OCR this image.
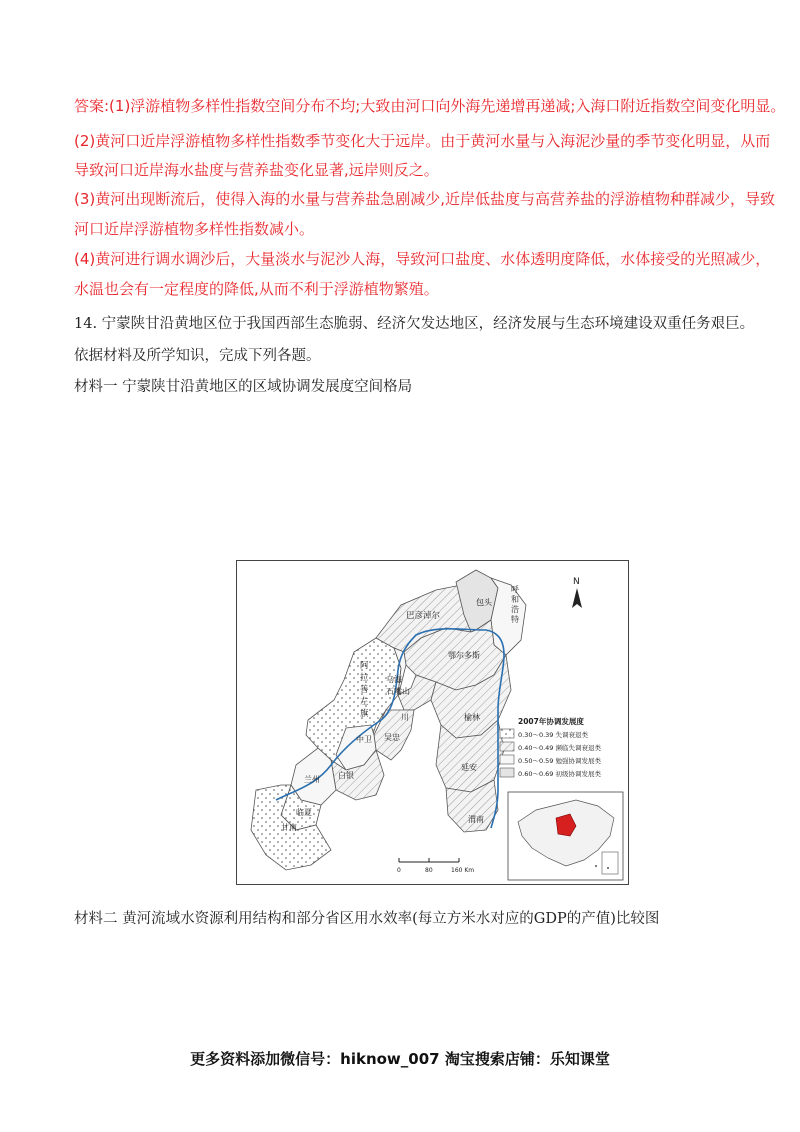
答案:(1)浮游植物多样性指数空间分布不均;大致由河口向外海先递增再递减;入海口附近指数空间变化明显。
(2)黄河口近岸浮游植物多样性指数季节变化大于远岸。由于黄河水量与入海泥沙量的季节变化明显，从而
导致河口近岸海水盐度与营养盐变化显著,远岸则反之。
(3)黄河出现断流后，使得入海的水量与营养盐急剧减少,近岸低盐度与高营养盐的浮游植物种群减少，导致
河口近岸浮游植物多样性指数减小。
(4)黄河进行调水调沙后，大量淡水与泥沙人海，导致河口盐度、水体透明度降低，水体接受的光照减少，
水温也会有一定程度的降低,从而不利于浮游植物繁殖。
14. 宁蒙陕甘沿黄地区位于我国西部生态脆弱、经济欠发达地区，经济发展与生态环境建设双重任务艰巨。
依据材料及所学知识，完成下列各题。
材料一 宁蒙陕甘沿黄地区的区域协调发展度空间格局
材料二 黄河流域水资源利用结构和部分省区用水效率(每立方米水对应的GDP的产值)比较图
巴彦淖尔
包头
呼
和
浩
特
鄂尔多斯
阿
拉
善
左
旗
乌海
石嘴山
川	榆林
中卫 吴忠
白银
延安
兰州
临夏
甘南
渭南
N
2007年协调发展度
0.30～0.39 失调衰退类
0.40～0.49 濒临失调衰退类
0.50～0.59 勉强协调发展类
0.60～0.69 初级协调发展类
0	80	160 Km
更多资料添加微信号：hiknow_007 淘宝搜索店铺：乐知课堂
